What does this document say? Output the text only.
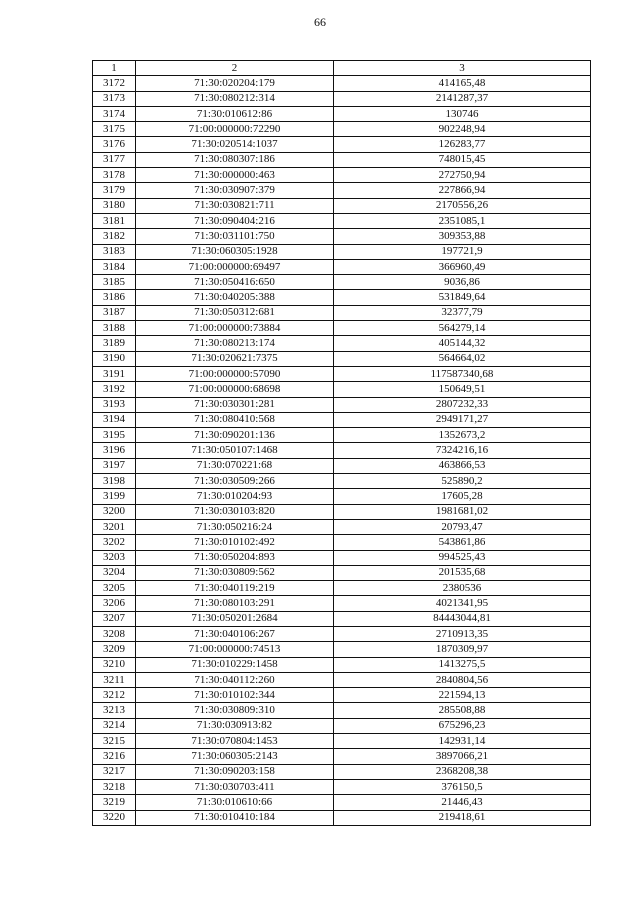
66
1	2	3
3172	71:30:020204:179	414165,48
3173	71:30:080212:314	2141287,37
3174	71:30:010612:86	130746
3175	71:00:000000:72290	902248,94
3176	71:30:020514:1037	126283,77
3177	71:30:080307:186	748015,45
3178	71:30:000000:463	272750,94
3179	71:30:030907:379	227866,94
3180	71:30:030821:711	2170556,26
3181	71:30:090404:216	2351085,1
3182	71:30:031101:750	309353,88
3183	71:30:060305:1928	197721,9
3184	71:00:000000:69497	366960,49
3185	71:30:050416:650	9036,86
3186	71:30:040205:388	531849,64
3187	71:30:050312:681	32377,79
3188	71:00:000000:73884	564279,14
3189	71:30:080213:174	405144,32
3190	71:30:020621:7375	564664,02
3191	71:00:000000:57090	117587340,68
3192	71:00:000000:68698	150649,51
3193	71:30:030301:281	2807232,33
3194	71:30:080410:568	2949171,27
3195	71:30:090201:136	1352673,2
3196	71:30:050107:1468	7324216,16
3197	71:30:070221:68	463866,53
3198	71:30:030509:266	525890,2
3199	71:30:010204:93	17605,28
3200	71:30:030103:820	1981681,02
3201	71:30:050216:24	20793,47
3202	71:30:010102:492	543861,86
3203	71:30:050204:893	994525,43
3204	71:30:030809:562	201535,68
3205	71:30:040119:219	2380536
3206	71:30:080103:291	4021341,95
3207	71:30:050201:2684	84443044,81
3208	71:30:040106:267	2710913,35
3209	71:00:000000:74513	1870309,97
3210	71:30:010229:1458	1413275,5
3211	71:30:040112:260	2840804,56
3212	71:30:010102:344	221594,13
3213	71:30:030809:310	285508,88
3214	71:30:030913:82	675296,23
3215	71:30:070804:1453	142931,14
3216	71:30:060305:2143	3897066,21
3217	71:30:090203:158	2368208,38
3218	71:30:030703:411	376150,5
3219	71:30:010610:66	21446,43
3220	71:30:010410:184	219418,61
